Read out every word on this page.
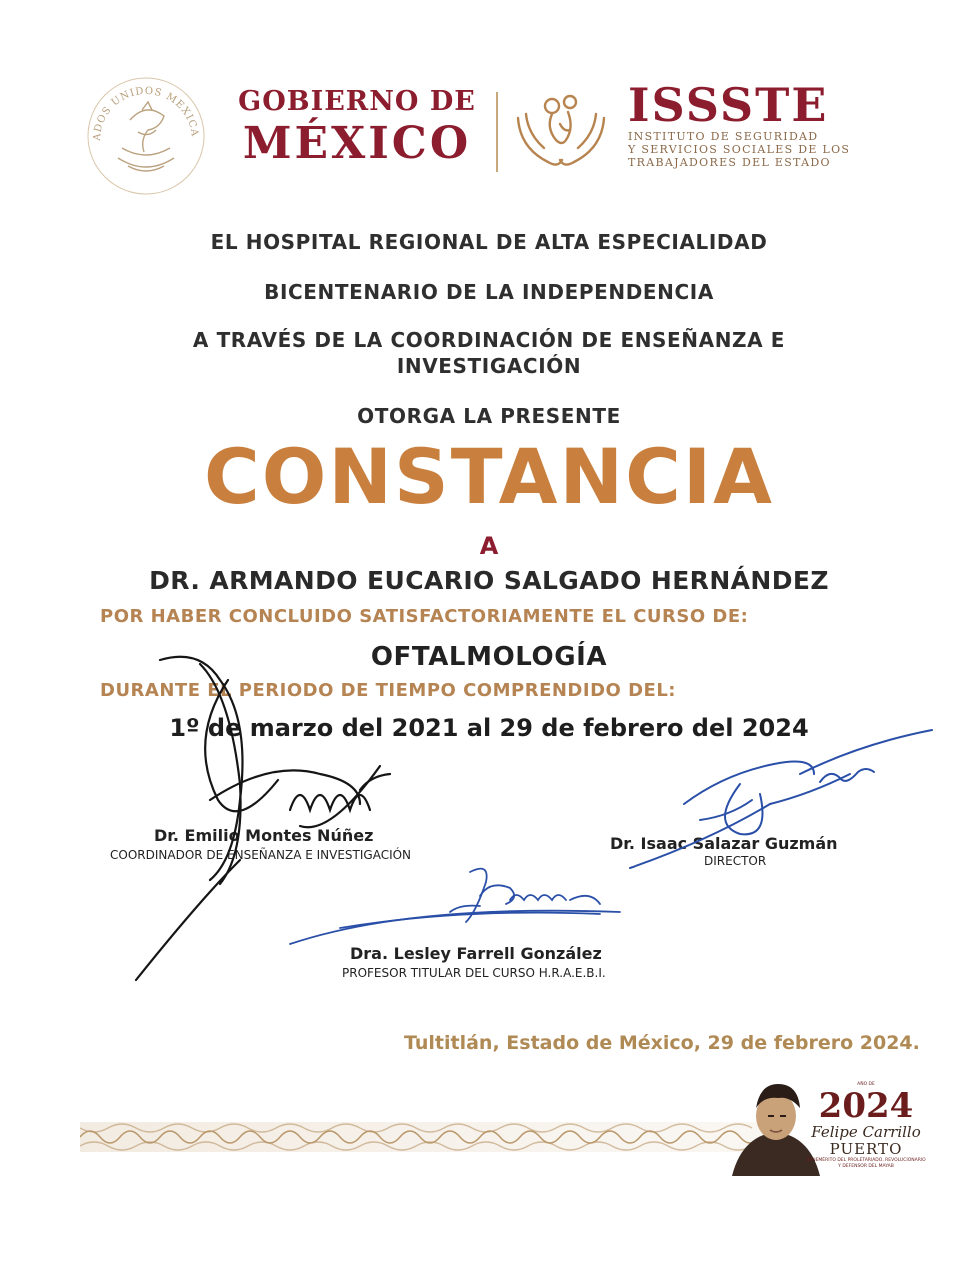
ADOS UNIDOS MEXICA
GOBIERNO DE
MÉXICO
ISSSTE
INSTITUTO DE SEGURIDAD
Y SERVICIOS SOCIALES DE LOS
TRABAJADORES DEL ESTADO
EL HOSPITAL REGIONAL DE ALTA ESPECIALIDAD
BICENTENARIO DE LA INDEPENDENCIA
A TRAVÉS DE LA COORDINACIÓN DE ENSEÑANZA E
INVESTIGACIÓN
OTORGA LA PRESENTE
CONSTANCIA
A
DR. ARMANDO EUCARIO SALGADO HERNÁNDEZ
POR HABER CONCLUIDO SATISFACTORIAMENTE EL CURSO DE:
OFTALMOLOGÍA
DURANTE EL PERIODO DE TIEMPO COMPRENDIDO DEL:
1º de marzo del 2021 al 29 de febrero del 2024
Dr. Emilio Montes Núñez
COORDINADOR DE ENSEÑANZA E INVESTIGACIÓN
Dr. Isaac Salazar Guzmán
DIRECTOR
Dra. Lesley Farrell González
PROFESOR TITULAR DEL CURSO H.R.A.E.B.I.
Tultitlán, Estado de México, 29 de febrero 2024.
AÑO DE
2024
Felipe Carrillo
PUERTO
BENEMÉRITO DEL PROLETARIADO, REVOLUCIONARIO Y DEFENSOR DEL MAYAB
